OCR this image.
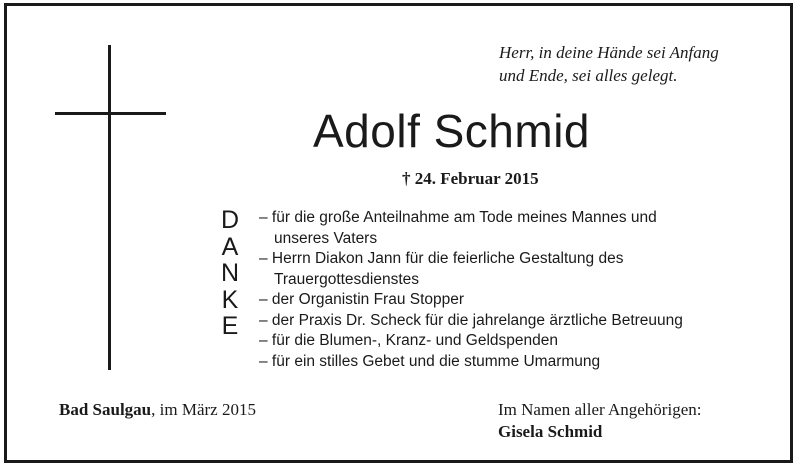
Herr, in deine Hände sei Anfang
und Ende, sei alles gelegt.

Adolf Schmid

† 24. Februar 2015

D
A
N
K
E
– für die große Anteilnahme am Tode meines Mannes und
unseres Vaters
– Herrn Diakon Jann für die feierliche Gestaltung des
Trauergottesdienstes
– der Organistin Frau Stopper
– der Praxis Dr. Scheck für die jahrelange ärztliche Betreuung
– für die Blumen-, Kranz- und Geldspenden
– für ein stilles Gebet und die stumme Umarmung

Bad Saulgau, im März 2015	Im Namen aller Angehörigen:
Gisela Schmid
